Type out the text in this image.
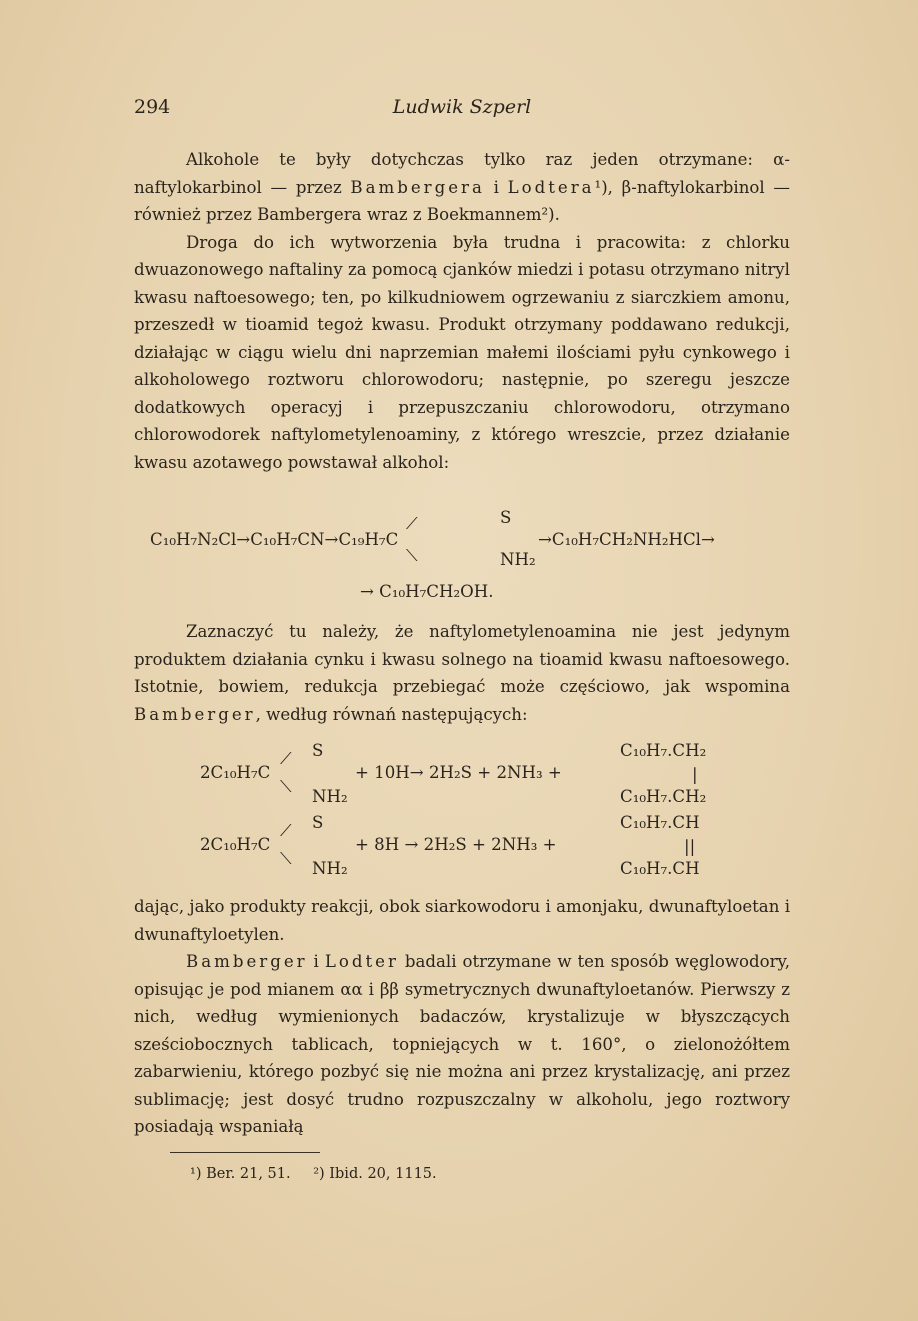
294	Ludwik Szperl

Alkohole te były dotychczas tylko raz jeden otrzymane: α-naftylokarbinol — przez Bambergera i Lodtera¹), β-naftylokarbinol — również przez Bambergera wraz z Boekmannem²).

Droga do ich wytworzenia była trudna i pracowita: z chlorku dwuazonowego naftaliny za pomocą cjanków miedzi i potasu otrzymano nitryl kwasu naftoesowego; ten, po kilkudniowem ogrzewaniu z siarczkiem amonu, przeszedł w tioamid tegoż kwasu. Produkt otrzymany poddawano redukcji, działając w ciągu wielu dni naprzemian małemi ilościami pyłu cynkowego i alkoholowego roztworu chlorowodoru; następnie, po szeregu jeszcze dodatkowych operacyj i przepuszczaniu chlorowodoru, otrzymano chlorowodorek naftylometylenoaminy, z którego wreszcie, przez działanie kwasu azotawego powstawał alkohol:

C₁₀H₇N₂Cl→C₁₀H₇CN→C₁₉H₇C
⟋
⟍
S
NH₂
→C₁₀H₇CH₂NH₂HCl→
→ C₁₀H₇CH₂OH.

Zaznaczyć tu należy, że naftylometylenoamina nie jest jedynym produktem działania cynku i kwasu solnego na tioamid kwasu naftoesowego. Istotnie, bowiem, redukcja przebiegać może częściowo, jak wspomina Bamberger, według równań następujących:

2C₁₀H₇C
⟋
⟍
S
NH₂
+ 10H→ 2H₂S + 2NH₃ +
C₁₀H₇.CH₂
|
C₁₀H₇.CH₂
2C₁₀H₇C
⟋
⟍
S
NH₂
+ 8H → 2H₂S + 2NH₃ +
C₁₀H₇.CH
||
C₁₀H₇.CH

dając, jako produkty reakcji, obok siarkowodoru i amonjaku, dwunaftyloetan i dwunaftyloetylen.

Bamberger i Lodter badali otrzymane w ten sposób węglowodory, opisując je pod mianem αα i ββ symetrycznych dwunaftyloetanów. Pierwszy z nich, według wymienionych badaczów, krystalizuje w błyszczących sześciobocznych tablicach, topniejących w t. 160°, o zielonożółtem zabarwieniu, którego pozbyć się nie można ani przez krystalizację, ani przez sublimację; jest dosyć trudno rozpuszczalny w alkoholu, jego roztwory posiadają wspaniałą

¹) Ber. 21, 51. ²) Ibid. 20, 1115.
